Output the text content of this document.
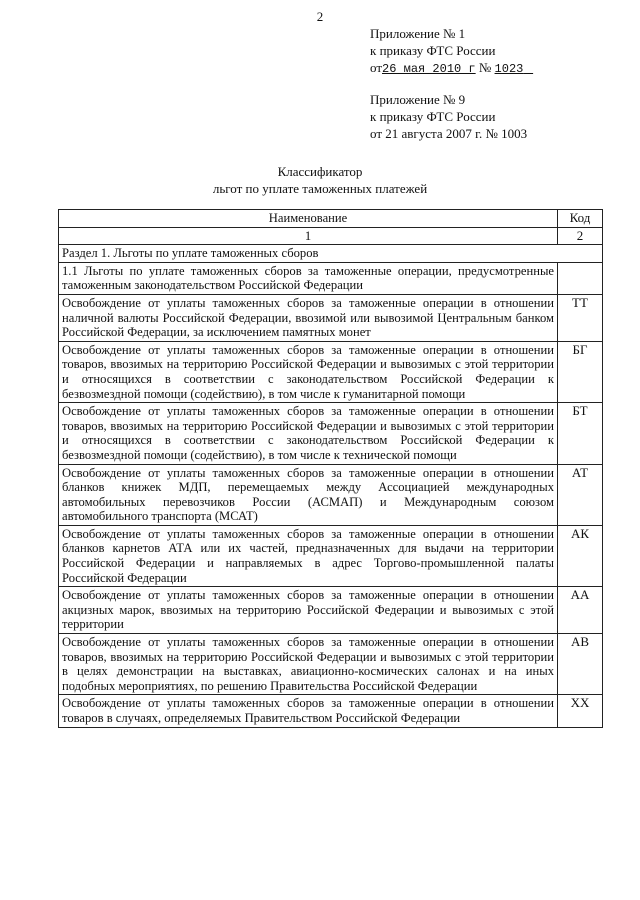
2
Приложение № 1
к приказу ФТС России
от26 мая 2010 г № 1023
Приложение № 9
к приказу ФТС России
от 21 августа 2007 г. № 1003
Классификатор
льгот по уплате таможенных платежей
Наименование	Код
1	2
Раздел 1. Льготы по уплате таможенных сборов	
1.1 Льготы по уплате таможенных сборов за таможенные операции, предусмотренные таможенным законодательством Российской Федерации	
Освобождение от уплаты таможенных сборов за таможенные операции в отношении наличной валюты Российской Федерации, ввозимой или вывозимой Центральным банком Российской Федерации, за исключением памятных монет	ТТ
Освобождение от уплаты таможенных сборов за таможенные операции в отношении товаров, ввозимых на территорию Российской Федерации и вывозимых с этой территории и относящихся в соответствии с законодательством Российской Федерации к безвозмездной помощи (содействию), в том числе к гуманитарной помощи	БГ
Освобождение от уплаты таможенных сборов за таможенные операции в отношении товаров, ввозимых на территорию Российской Федерации и вывозимых с этой территории и относящихся в соответствии с законодательством Российской Федерации к безвозмездной помощи (содействию), в том числе к технической помощи	БТ
Освобождение от уплаты таможенных сборов за таможенные операции в отношении бланков книжек МДП, перемещаемых между Ассоциацией международных автомобильных перевозчиков России (АСМАП) и Международным союзом автомобильного транспорта (МСАТ)	АТ
Освобождение от уплаты таможенных сборов за таможенные операции в отношении бланков карнетов АТА или их частей, предназначенных для выдачи на территории Российской Федерации и направляемых в адрес Торгово-промышленной палаты Российской Федерации	АК
Освобождение от уплаты таможенных сборов за таможенные операции в отношении акцизных марок, ввозимых на территорию Российской Федерации и вывозимых с этой территории	АА
Освобождение от уплаты таможенных сборов за таможенные операции в отношении товаров, ввозимых на территорию Российской Федерации и вывозимых с этой территории в целях демонстрации на выставках, авиационно-космических салонах и на иных подобных мероприятиях, по решению Правительства Российской Федерации	АВ
Освобождение от уплаты таможенных сборов за таможенные операции в отношении товаров в случаях, определяемых Правительством Российской Федерации	ХХ
